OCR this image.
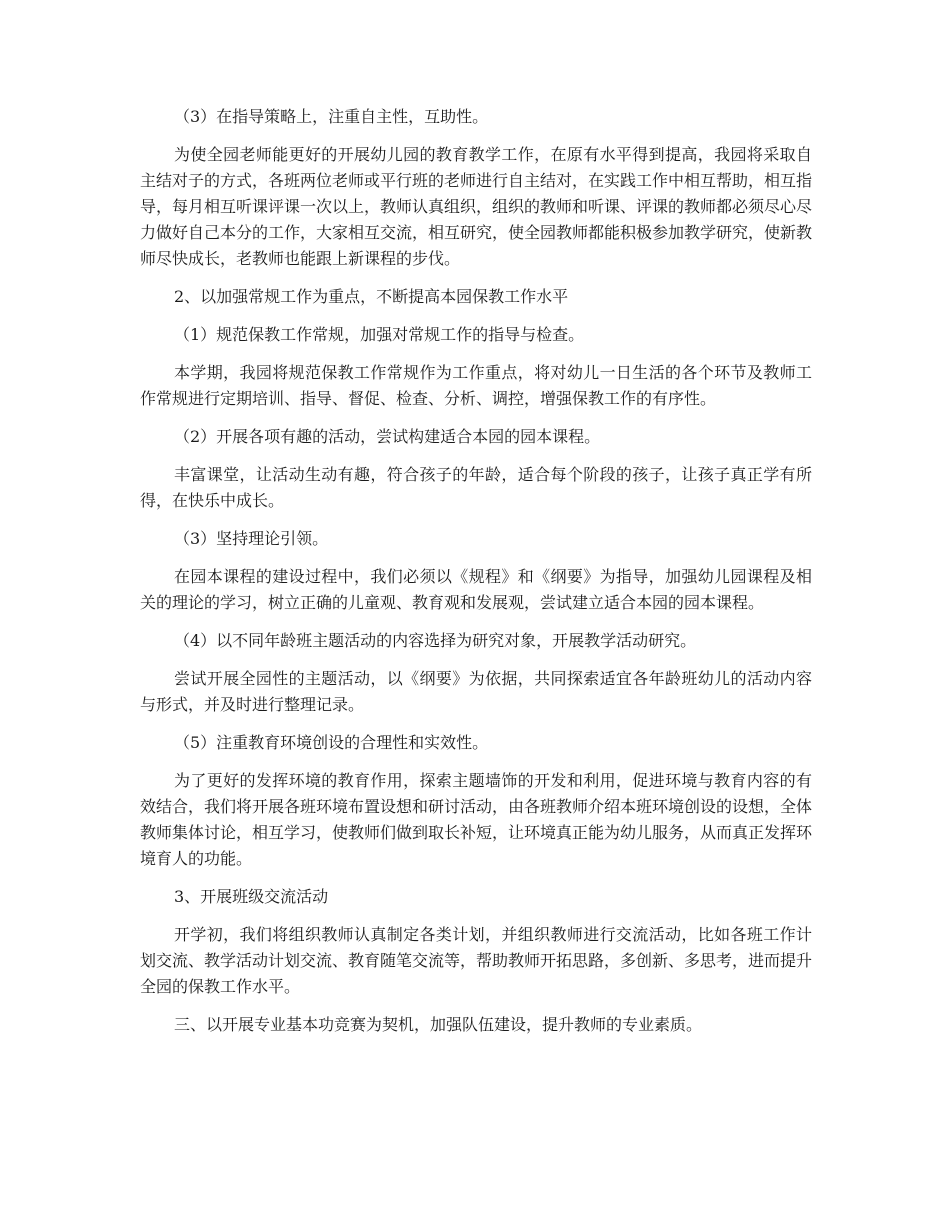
（3）在指导策略上，注重自主性，互助性。

为使全园老师能更好的开展幼儿园的教育教学工作，在原有水平得到提高，我园将采取自主结对子的方式，各班两位老师或平行班的老师进行自主结对，在实践工作中相互帮助，相互指导，每月相互听课评课一次以上，教师认真组织，组织的教师和听课、评课的教师都必须尽心尽力做好自己本分的工作，大家相互交流，相互研究，使全园教师都能积极参加教学研究，使新教师尽快成长，老教师也能跟上新课程的步伐。

2、以加强常规工作为重点，不断提高本园保教工作水平

（1）规范保教工作常规，加强对常规工作的指导与检查。

本学期，我园将规范保教工作常规作为工作重点，将对幼儿一日生活的各个环节及教师工作常规进行定期培训、指导、督促、检查、分析、调控，增强保教工作的有序性。

（2）开展各项有趣的活动，尝试构建适合本园的园本课程。

丰富课堂，让活动生动有趣，符合孩子的年龄，适合每个阶段的孩子，让孩子真正学有所得，在快乐中成长。

（3）坚持理论引领。

在园本课程的建设过程中，我们必须以《规程》和《纲要》为指导，加强幼儿园课程及相关的理论的学习，树立正确的儿童观、教育观和发展观，尝试建立适合本园的园本课程。

（4）以不同年龄班主题活动的内容选择为研究对象，开展教学活动研究。

尝试开展全园性的主题活动，以《纲要》为依据，共同探索适宜各年龄班幼儿的活动内容与形式，并及时进行整理记录。

（5）注重教育环境创设的合理性和实效性。

为了更好的发挥环境的教育作用，探索主题墙饰的开发和利用，促进环境与教育内容的有效结合，我们将开展各班环境布置设想和研讨活动，由各班教师介绍本班环境创设的设想，全体教师集体讨论，相互学习，使教师们做到取长补短，让环境真正能为幼儿服务，从而真正发挥环境育人的功能。

3、开展班级交流活动

开学初，我们将组织教师认真制定各类计划，并组织教师进行交流活动，比如各班工作计划交流、教学活动计划交流、教育随笔交流等，帮助教师开拓思路，多创新、多思考，进而提升全园的保教工作水平。

三、以开展专业基本功竞赛为契机，加强队伍建设，提升教师的专业素质。
